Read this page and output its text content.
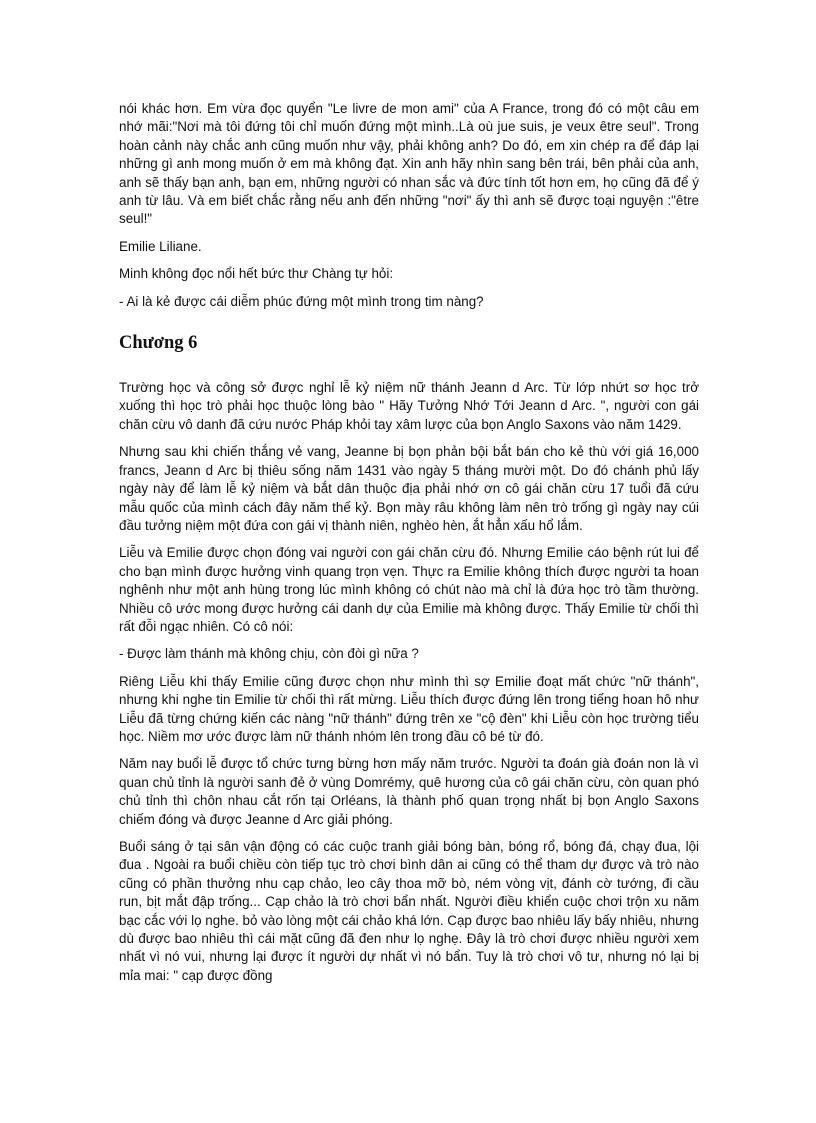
nói khác hơn. Em vừa đọc quyển "Le livre de mon ami" của A France, trong đó có một câu em nhớ mãi:"Nơi mà tôi đứng tôi chỉ muốn đứng một mình..Là où jue suis, je veux être seul". Trong hoàn cảnh này chắc anh cũng muốn như vậy, phải không anh? Do đó, em xin chép ra để đáp lại những gì anh mong muốn ở em mà không đạt. Xin anh hãy nhìn sang bên trái, bên phải của anh, anh sẽ thấy bạn anh, bạn em, những người có nhan sắc và đức tính tốt hơn em, họ cũng đã để ý anh từ lâu. Và em biết chắc rằng nếu anh đến những "nơi" ấy thì anh sẽ được toại nguyện :"être seul!"

Emilie Liliane.

Minh không đọc nổi hết bức thư Chàng tự hỏi:

- Ai là kẻ được cái diễm phúc đứng một mình trong tim nàng?

Chương 6

Trường học và công sở được nghỉ lễ kỷ niệm nữ thánh Jeann d Arc. Từ lớp nhứt sơ học trở xuống thì học trò phải học thuộc lòng bào " Hãy Tưởng Nhớ Tới Jeann d Arc. ", người con gái chăn cừu vô danh đã cứu nước Pháp khỏi tay xâm lược của bọn Anglo Saxons vào năm 1429.

Nhưng sau khi chiến thắng vẻ vang, Jeanne bị bọn phản bội bắt bán cho kẻ thù với giá 16,000 francs, Jeann d Arc bị thiêu sống năm 1431 vào ngày 5 tháng mười một. Do đó chánh phủ lấy ngày này để làm lễ kỷ niệm và bắt dân thuộc địa phải nhớ ơn cô gái chăn cừu 17 tuổi đã cứu mẫu quốc của mình cách đây năm thế kỷ. Bọn mày râu không làm nên trò trống gì ngày nay cúi đầu tưởng niệm một đứa con gái vị thành niên, nghèo hèn, ắt hẳn xấu hổ lắm.

Liễu và Emilie được chọn đóng vai người con gái chăn cừu đó. Nhưng Emilie cáo bệnh rút lui để cho bạn mình được hưởng vinh quang trọn vẹn. Thực ra Emilie không thích được người ta hoan nghênh như một anh hùng trong lúc mình không có chút nào mà chỉ là đứa học trò tầm thường. Nhiều cô ước mong được hưởng cái danh dự của Emilie mà không được. Thấy Emilie từ chối thì rất đỗi ngạc nhiên. Có cô nói:

- Được làm thánh mà không chịu, còn đòi gì nữa ?

Riêng Liễu khi thấy Emilie cũng được chọn như mình thì sợ Emilie đoạt mất chức "nữ thánh", nhưng khi nghe tin Emilie từ chối thì rất mừng. Liễu thích được đứng lên trong tiếng hoan hô như Liễu đã từng chứng kiến các nàng "nữ thánh" đứng trên xe "cộ đèn" khi Liễu còn học trường tiểu học. Niềm mơ ước được làm nữ thánh nhóm lên trong đầu cô bé từ đó.

Năm nay buổi lễ được tổ chức tưng bừng hơn mấy năm trước. Người ta đoán già đoán non là vì quan chủ tỉnh là người sanh đẻ ở vùng Domrémy, quê hương của cô gái chăn cừu, còn quan phó chủ tỉnh thì chôn nhau cắt rốn tại Orléans, là thành phố quan trọng nhất bị bọn Anglo Saxons chiếm đóng và được Jeanne d Arc giải phóng.

Buổi sáng ở tại sân vận động có các cuộc tranh giải bóng bàn, bóng rổ, bóng đá, chạy đua, lội đua . Ngoài ra buổi chiều còn tiếp tục trò chơi bình dân ai cũng có thể tham dự được và trò nào cũng có phần thưởng nhu cạp chảo, leo cây thoa mỡ bò, ném vòng vịt, đánh cờ tướng, đi cầu run, bịt mắt đập trống... Cạp chảo là trò chơi bẩn nhất. Người điều khiển cuộc chơi trộn xu năm bạc cắc với lọ nghe. bỏ vào lòng một cái chảo khá lớn. Cạp được bao nhiêu lấy bấy nhiêu, nhưng dù được bao nhiêu thì cái mặt cũng đã đen như lọ nghẹ. Đây là trò chơi được nhiều người xem nhất vì nó vui, nhưng lại được ít người dự nhất vì nó bẩn. Tuy là trò chơi vô tư, nhưng nó lại bị mỉa mai: " cạp được đồng
